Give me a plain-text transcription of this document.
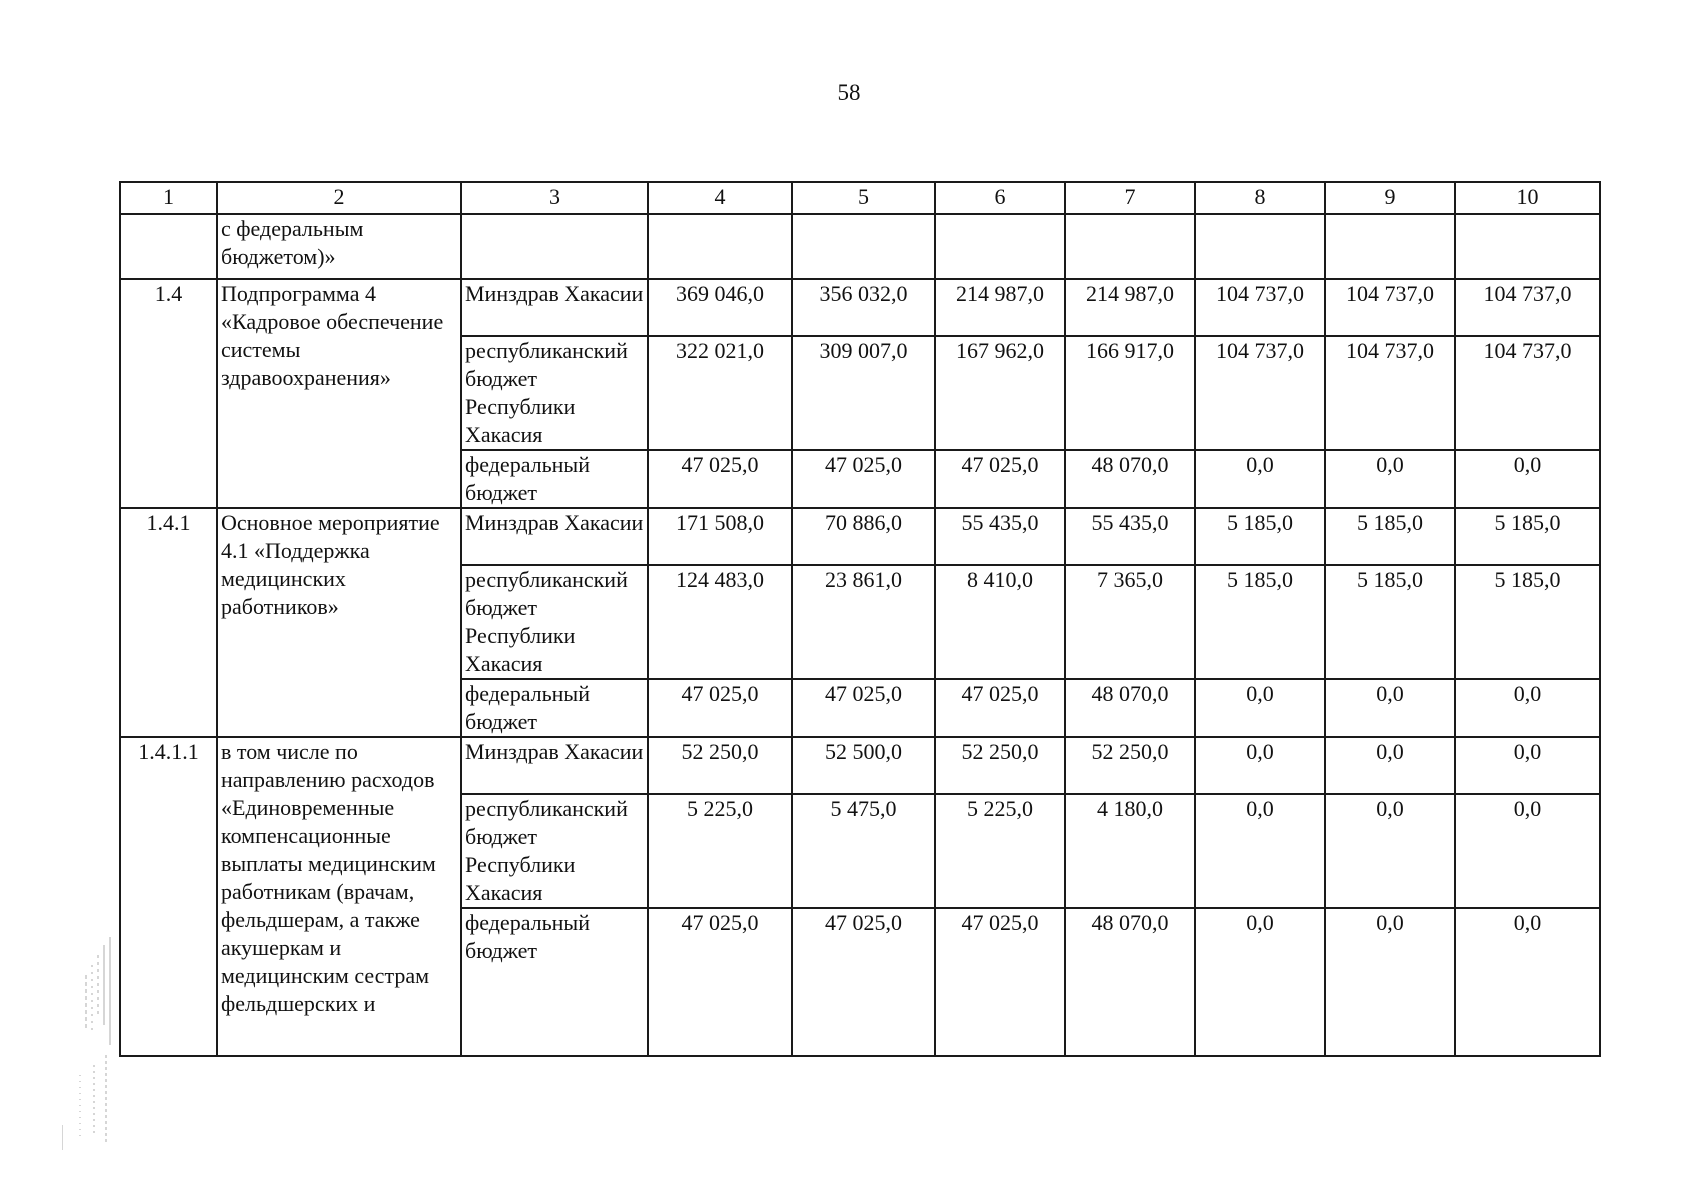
58
1	2	3	4	5	6	7	8	9	10
	с федеральным бюджетом)»								
1.4	Подпрограмма 4 «Кадровое обеспечение системы здравоохранения»	Минздрав Хакасии	369 046,0	356 032,0	214 987,0	214 987,0	104 737,0	104 737,0	104 737,0
		республиканский бюджет Республики Хакасия	322 021,0	309 007,0	167 962,0	166 917,0	104 737,0	104 737,0	104 737,0
		федеральный бюджет	47 025,0	47 025,0	47 025,0	48 070,0	0,0	0,0	0,0
1.4.1	Основное мероприятие 4.1 «Поддержка медицинских работников»	Минздрав Хакасии	171 508,0	70 886,0	55 435,0	55 435,0	5 185,0	5 185,0	5 185,0
		республиканский бюджет Республики Хакасия	124 483,0	23 861,0	8 410,0	7 365,0	5 185,0	5 185,0	5 185,0
		федеральный бюджет	47 025,0	47 025,0	47 025,0	48 070,0	0,0	0,0	0,0
1.4.1.1	в том числе по направлению расходов «Единовременные компенсационные выплаты медицинским работникам (врачам, фельдшерам, а также акушеркам и медицинским сестрам фельдшерских и	Минздрав Хакасии	52 250,0	52 500,0	52 250,0	52 250,0	0,0	0,0	0,0
		республиканский бюджет Республики Хакасия	5 225,0	5 475,0	5 225,0	4 180,0	0,0	0,0	0,0
		федеральный бюджет	47 025,0	47 025,0	47 025,0	48 070,0	0,0	0,0	0,0
